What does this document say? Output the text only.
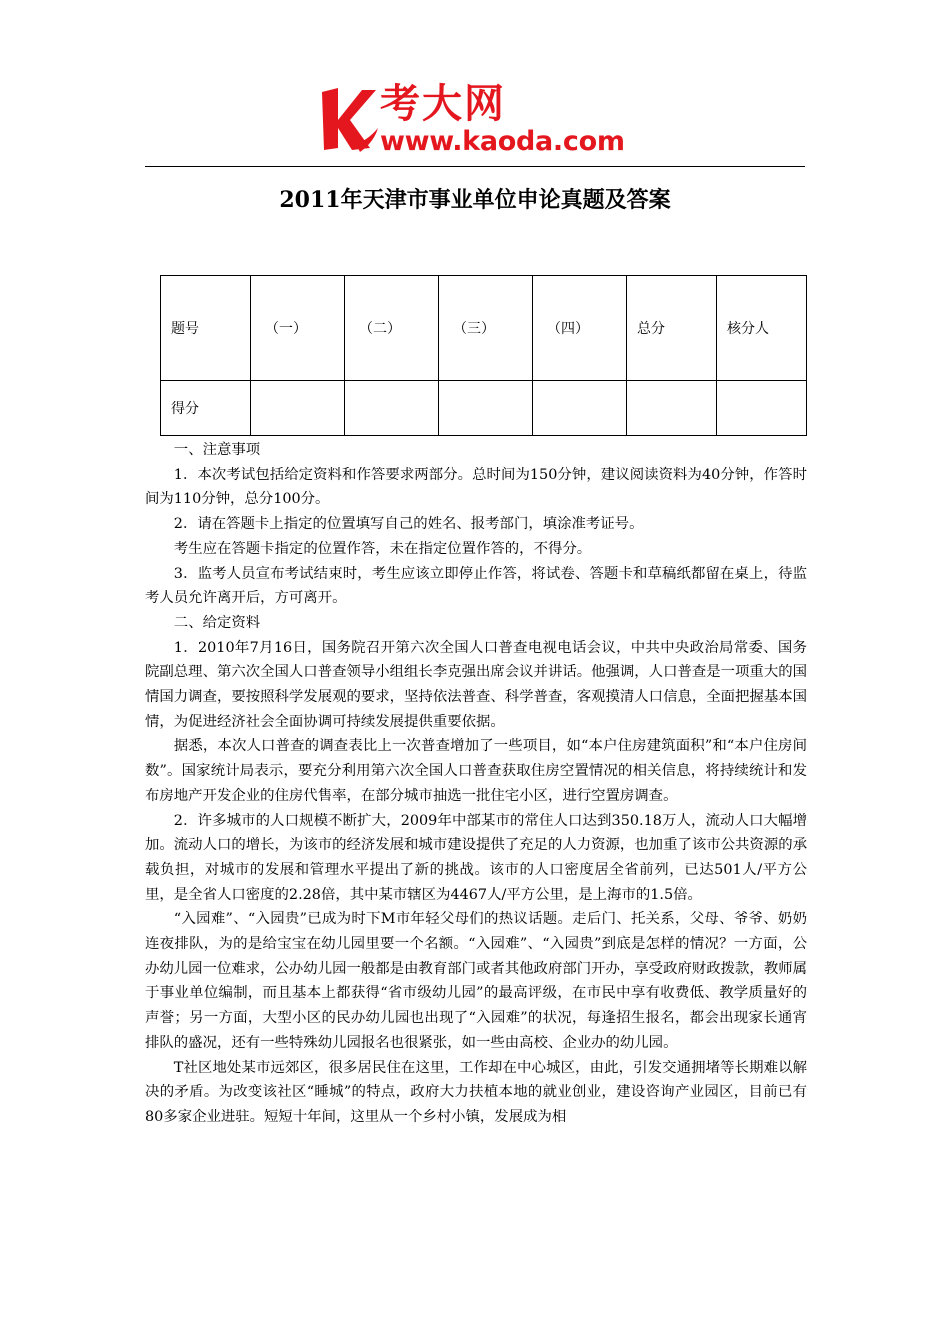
考大网
www.kaoda.com
2011年天津市事业单位申论真题及答案
题号	（一）	（二）	（三）	（四）	总分	核分人
得分						

一、注意事项

1．本次考试包括给定资料和作答要求两部分。总时间为150分钟，建议阅读资料为40分钟，作答时间为110分钟，总分100分。

2．请在答题卡上指定的位置填写自己的姓名、报考部门，填涂准考证号。

考生应在答题卡指定的位置作答，未在指定位置作答的，不得分。

3．监考人员宣布考试结束时，考生应该立即停止作答，将试卷、答题卡和草稿纸都留在桌上，待监考人员允许离开后，方可离开。

二、给定资料

1．2010年7月16日，国务院召开第六次全国人口普查电视电话会议，中共中央政治局常委、国务院副总理、第六次全国人口普查领导小组组长李克强出席会议并讲话。他强调，人口普查是一项重大的国情国力调查，要按照科学发展观的要求，坚持依法普查、科学普查，客观摸清人口信息，全面把握基本国情，为促进经济社会全面协调可持续发展提供重要依据。

据悉，本次人口普查的调查表比上一次普查增加了一些项目，如“本户住房建筑面积”和“本户住房间数”。国家统计局表示，要充分利用第六次全国人口普查获取住房空置情况的相关信息，将持续统计和发布房地产开发企业的住房代售率，在部分城市抽选一批住宅小区，进行空置房调查。

2．许多城市的人口规模不断扩大，2009年中部某市的常住人口达到350.18万人，流动人口大幅增加。流动人口的增长，为该市的经济发展和城市建设提供了充足的人力资源，也加重了该市公共资源的承载负担，对城市的发展和管理水平提出了新的挑战。该市的人口密度居全省前列，已达501人/平方公里，是全省人口密度的2.28倍，其中某市辖区为4467人/平方公里，是上海市的1.5倍。

“入园难”、“入园贵”已成为时下M市年轻父母们的热议话题。走后门、托关系，父母、爷爷、奶奶连夜排队，为的是给宝宝在幼儿园里要一个名额。“入园难”、“入园贵”到底是怎样的情况？一方面，公办幼儿园一位难求，公办幼儿园一般都是由教育部门或者其他政府部门开办，享受政府财政拨款，教师属于事业单位编制，而且基本上都获得“省市级幼儿园”的最高评级，在市民中享有收费低、教学质量好的声誉；另一方面，大型小区的民办幼儿园也出现了“入园难”的状况，每逢招生报名，都会出现家长通宵排队的盛况，还有一些特殊幼儿园报名也很紧张，如一些由高校、企业办的幼儿园。

T社区地处某市远郊区，很多居民住在这里，工作却在中心城区，由此，引发交通拥堵等长期难以解决的矛盾。为改变该社区“睡城”的特点，政府大力扶植本地的就业创业，建设咨询产业园区，目前已有80多家企业进驻。短短十年间，这里从一个乡村小镇，发展成为相
